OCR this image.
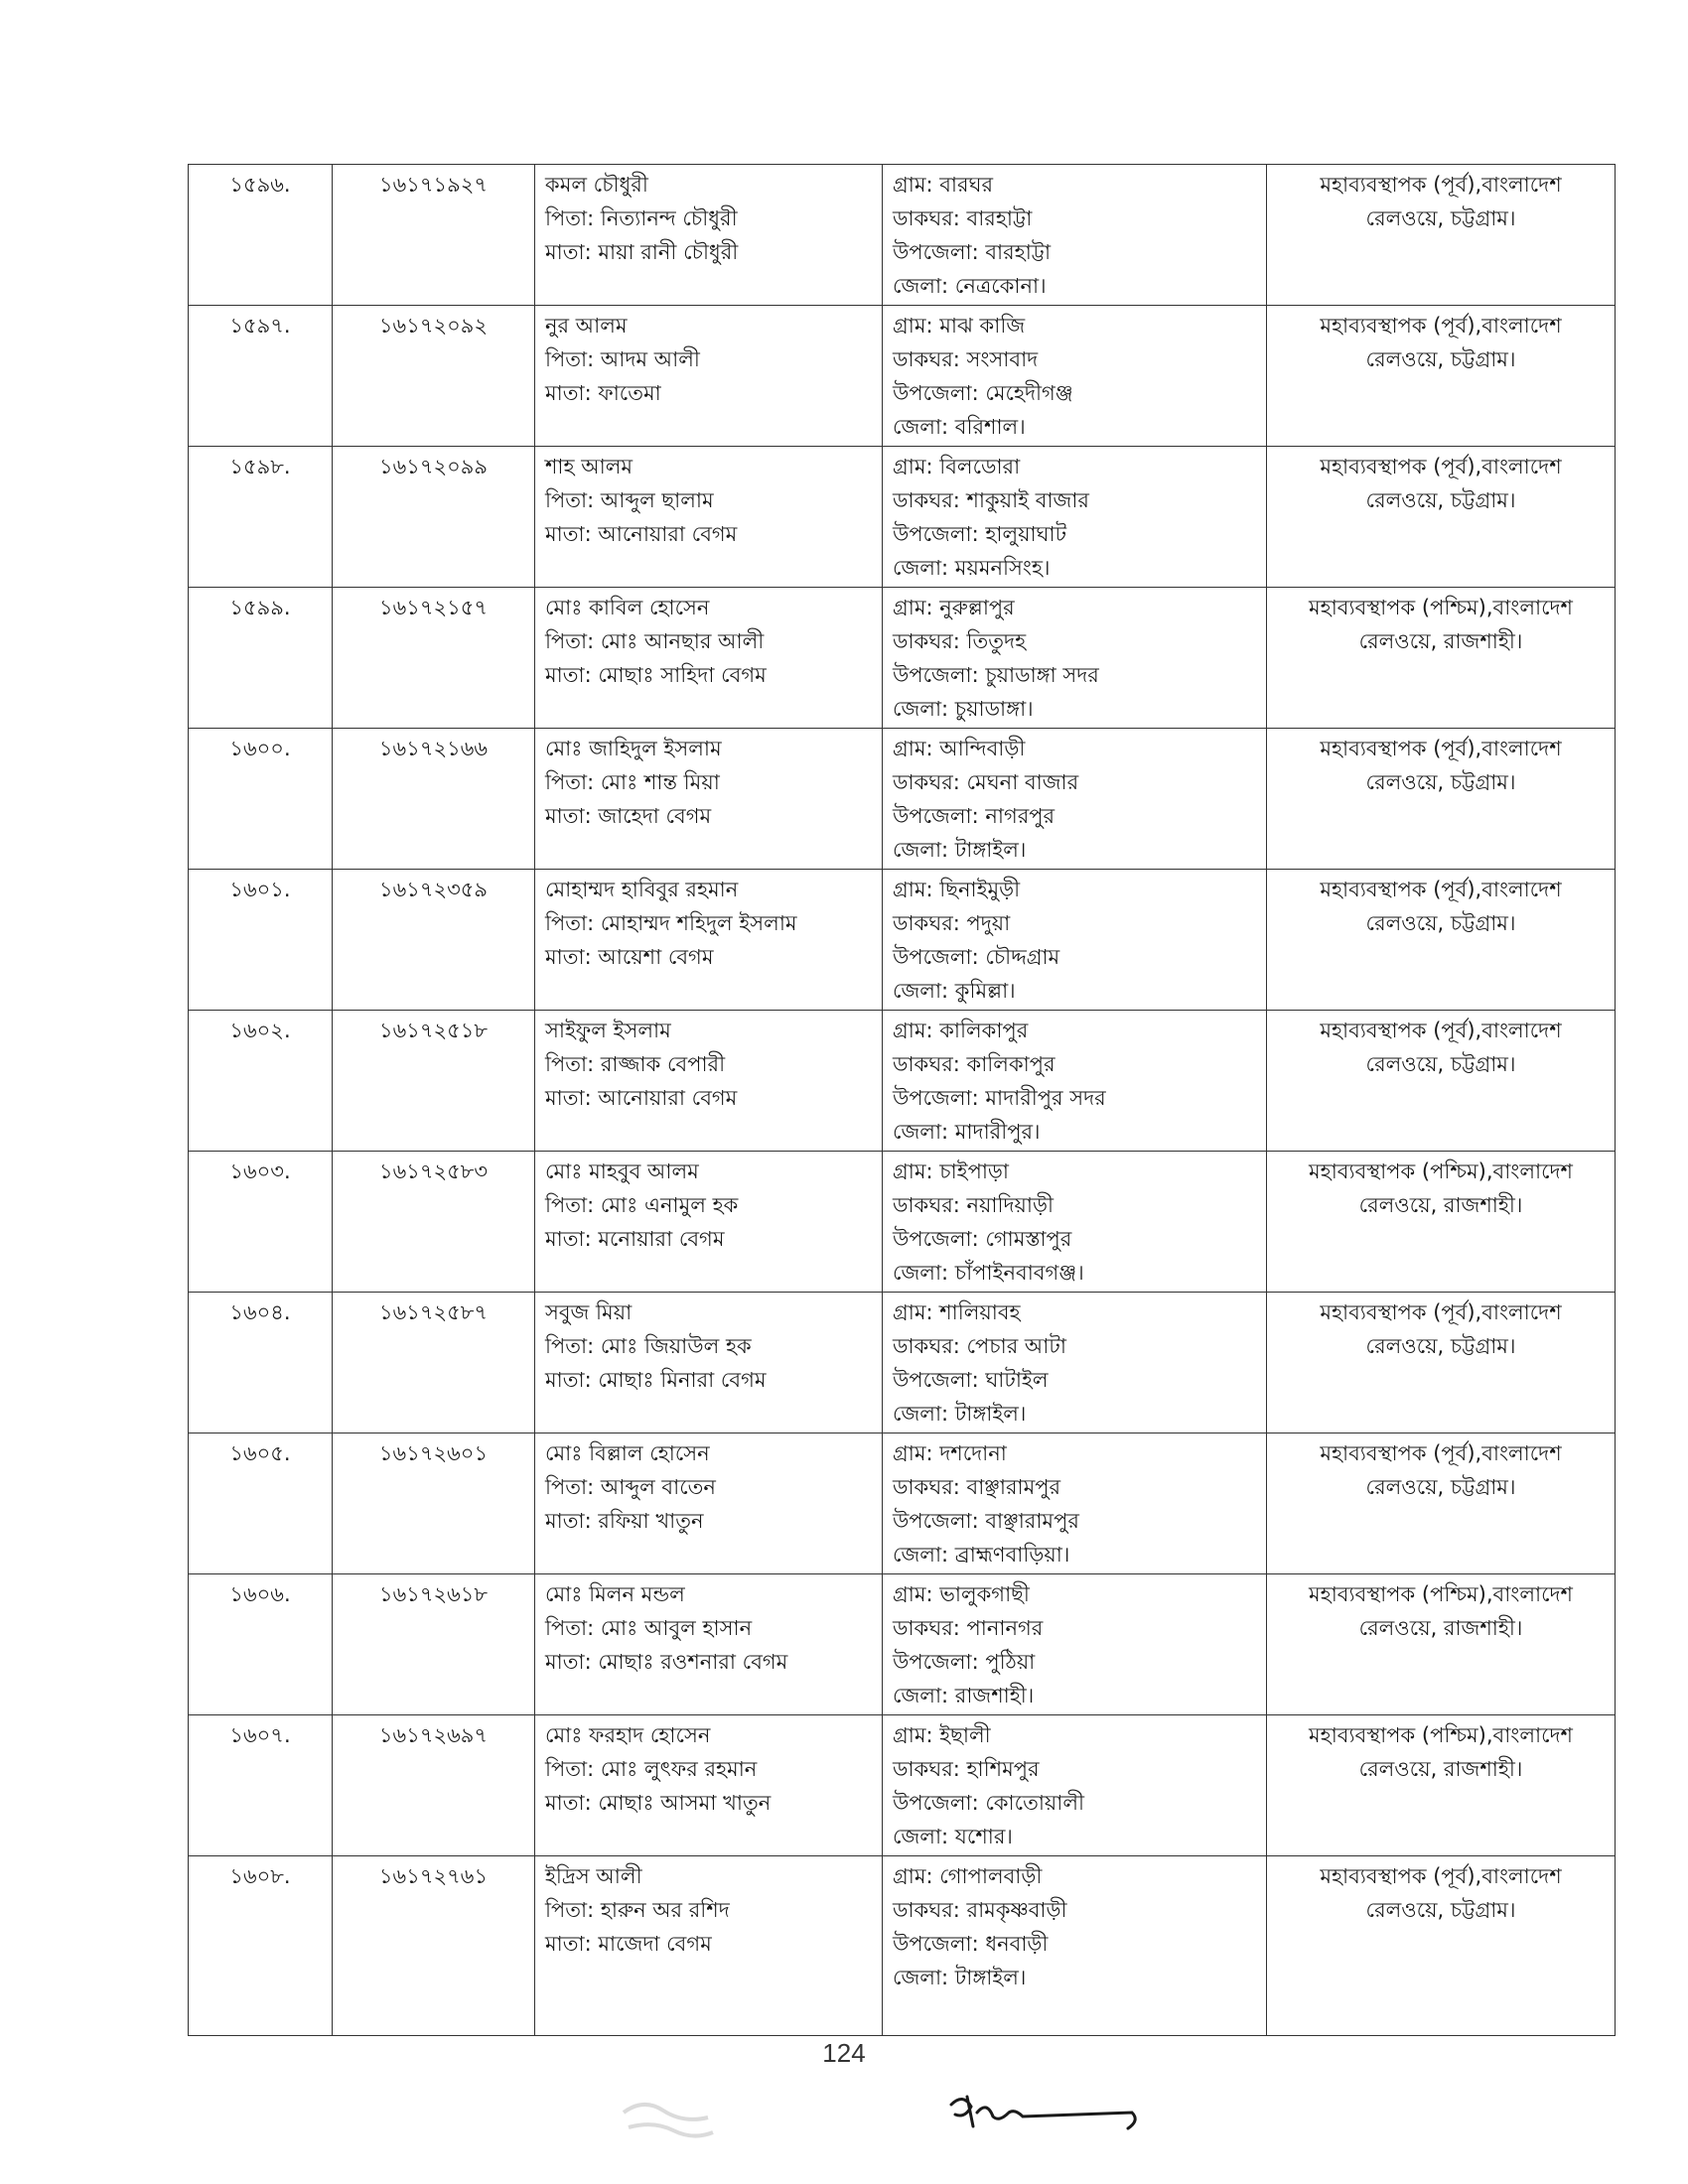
১৫৯৬.	১৬১৭১৯২৭	কমল চৌধুরী
পিতা: নিত্যানন্দ চৌধুরী
মাতা: মায়া রানী চৌধুরী	গ্রাম: বারঘর
ডাকঘর: বারহাট্টা
উপজেলা: বারহাট্টা
জেলা: নেত্রকোনা।	মহাব্যবস্থাপক (পূর্ব),বাংলাদেশ
রেলওয়ে, চট্টগ্রাম।

১৫৯৭.	১৬১৭২০৯২	নুর আলম
পিতা: আদম আলী
মাতা: ফাতেমা	গ্রাম: মাঝ কাজি
ডাকঘর: সংসাবাদ
উপজেলা: মেহেদীগঞ্জ
জেলা: বরিশাল।	মহাব্যবস্থাপক (পূর্ব),বাংলাদেশ
রেলওয়ে, চট্টগ্রাম।

১৫৯৮.	১৬১৭২০৯৯	শাহ আলম
পিতা: আব্দুল ছালাম
মাতা: আনোয়ারা বেগম	গ্রাম: বিলডোরা
ডাকঘর: শাকুয়াই বাজার
উপজেলা: হালুয়াঘাট
জেলা: ময়মনসিংহ।	মহাব্যবস্থাপক (পূর্ব),বাংলাদেশ
রেলওয়ে, চট্টগ্রাম।

১৫৯৯.	১৬১৭২১৫৭	মোঃ কাবিল হোসেন
পিতা: মোঃ আনছার আলী
মাতা: মোছাঃ সাহিদা বেগম	গ্রাম: নুরুল্লাপুর
ডাকঘর: তিতুদহ
উপজেলা: চুয়াডাঙ্গা সদর
জেলা: চুয়াডাঙ্গা।	মহাব্যবস্থাপক (পশ্চিম),বাংলাদেশ
রেলওয়ে, রাজশাহী।

১৬০০.	১৬১৭২১৬৬	মোঃ জাহিদুল ইসলাম
পিতা: মোঃ শান্ত মিয়া
মাতা: জাহেদা বেগম	গ্রাম: আন্দিবাড়ী
ডাকঘর: মেঘনা বাজার
উপজেলা: নাগরপুর
জেলা: টাঙ্গাইল।	মহাব্যবস্থাপক (পূর্ব),বাংলাদেশ
রেলওয়ে, চট্টগ্রাম।

১৬০১.	১৬১৭২৩৫৯	মোহাম্মদ হাবিবুর রহমান
পিতা: মোহাম্মদ শহিদুল ইসলাম
মাতা: আয়েশা বেগম	গ্রাম: ছিনাইমুড়ী
ডাকঘর: পদুয়া
উপজেলা: চৌদ্দগ্রাম
জেলা: কুমিল্লা।	মহাব্যবস্থাপক (পূর্ব),বাংলাদেশ
রেলওয়ে, চট্টগ্রাম।

১৬০২.	১৬১৭২৫১৮	সাইফুল ইসলাম
পিতা: রাজ্জাক বেপারী
মাতা: আনোয়ারা বেগম	গ্রাম: কালিকাপুর
ডাকঘর: কালিকাপুর
উপজেলা: মাদারীপুর সদর
জেলা: মাদারীপুর।	মহাব্যবস্থাপক (পূর্ব),বাংলাদেশ
রেলওয়ে, চট্টগ্রাম।

১৬০৩.	১৬১৭২৫৮৩	মোঃ মাহবুব আলম
পিতা: মোঃ এনামুল হক
মাতা: মনোয়ারা বেগম	গ্রাম: চাইপাড়া
ডাকঘর: নয়াদিয়াড়ী
উপজেলা: গোমস্তাপুর
জেলা: চাঁপাইনবাবগঞ্জ।	মহাব্যবস্থাপক (পশ্চিম),বাংলাদেশ
রেলওয়ে, রাজশাহী।

১৬০৪.	১৬১৭২৫৮৭	সবুজ মিয়া
পিতা: মোঃ জিয়াউল হক
মাতা: মোছাঃ মিনারা বেগম	গ্রাম: শালিয়াবহ
ডাকঘর: পেচার আটা
উপজেলা: ঘাটাইল
জেলা: টাঙ্গাইল।	মহাব্যবস্থাপক (পূর্ব),বাংলাদেশ
রেলওয়ে, চট্টগ্রাম।

১৬০৫.	১৬১৭২৬০১	মোঃ বিল্লাল হোসেন
পিতা: আব্দুল বাতেন
মাতা: রফিয়া খাতুন	গ্রাম: দশদোনা
ডাকঘর: বাঞ্ছারামপুর
উপজেলা: বাঞ্ছারামপুর
জেলা: ব্রাহ্মণবাড়িয়া।	মহাব্যবস্থাপক (পূর্ব),বাংলাদেশ
রেলওয়ে, চট্টগ্রাম।

১৬০৬.	১৬১৭২৬১৮	মোঃ মিলন মন্ডল
পিতা: মোঃ আবুল হাসান
মাতা: মোছাঃ রওশনারা বেগম	গ্রাম: ভালুকগাছী
ডাকঘর: পানানগর
উপজেলা: পুঠিয়া
জেলা: রাজশাহী।	মহাব্যবস্থাপক (পশ্চিম),বাংলাদেশ
রেলওয়ে, রাজশাহী।

১৬০৭.	১৬১৭২৬৯৭	মোঃ ফরহাদ হোসেন
পিতা: মোঃ লুৎফর রহমান
মাতা: মোছাঃ আসমা খাতুন	গ্রাম: ইছালী
ডাকঘর: হাশিমপুর
উপজেলা: কোতোয়ালী
জেলা: যশোর।	মহাব্যবস্থাপক (পশ্চিম),বাংলাদেশ
রেলওয়ে, রাজশাহী।

১৬০৮.	১৬১৭২৭৬১	ইদ্রিস আলী
পিতা: হারুন অর রশিদ
মাতা: মাজেদা বেগম	গ্রাম: গোপালবাড়ী
ডাকঘর: রামকৃষ্ণবাড়ী
উপজেলা: ধনবাড়ী
জেলা: টাঙ্গাইল।	মহাব্যবস্থাপক (পূর্ব),বাংলাদেশ
রেলওয়ে, চট্টগ্রাম।
124
